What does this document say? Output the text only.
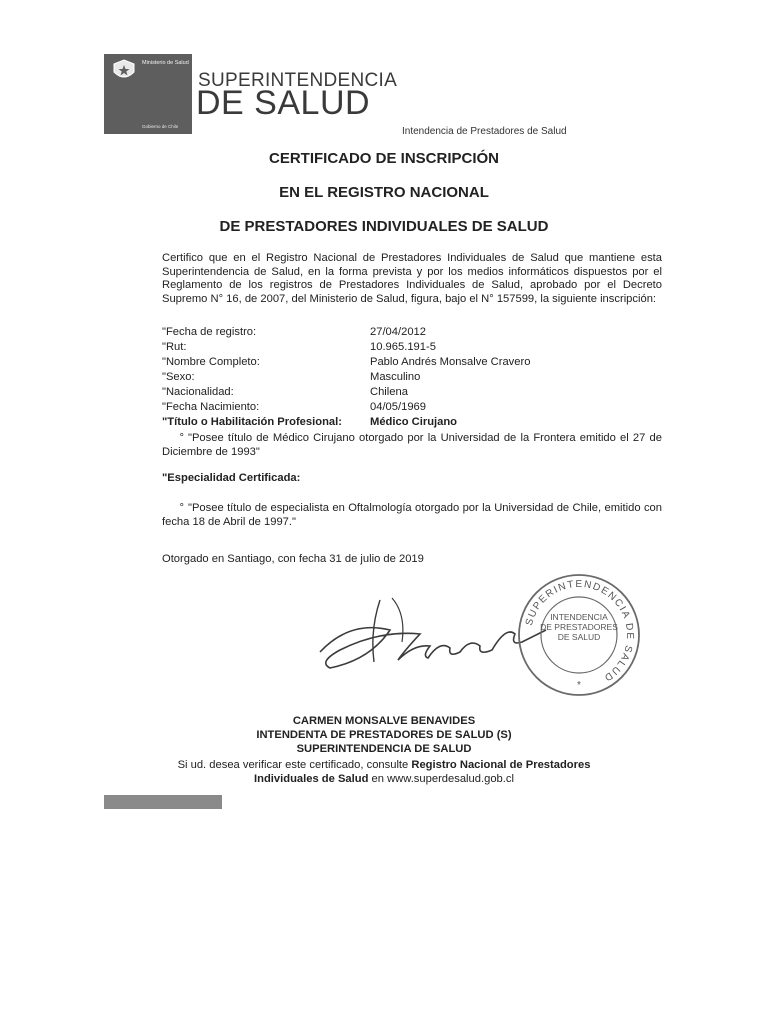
Ministerio de Salud
Gobierno de Chile
SUPERINTENDENCIA
DE SALUD
Intendencia de Prestadores de Salud
CERTIFICADO DE INSCRIPCIÓN
EN EL REGISTRO NACIONAL
DE PRESTADORES INDIVIDUALES DE SALUD
Certifico que en el Registro Nacional de Prestadores Individuales de Salud que mantiene esta Superintendencia de Salud, en la forma prevista y por los medios informáticos dispuestos por el Reglamento de los registros de Prestadores Individuales de Salud, aprobado por el Decreto Supremo N° 16, de 2007, del Ministerio de Salud, figura, bajo el N° 157599, la siguiente inscripción:
"Fecha de registro:	27/04/2012
"Rut:	10.965.191-5
"Nombre Completo:	Pablo Andrés Monsalve Cravero
"Sexo:	Masculino
"Nacionalidad:	Chilena
"Fecha Nacimiento:	04/05/1969
"Título o Habilitación Profesional:	Médico Cirujano
° "Posee título de Médico Cirujano otorgado por la Universidad de la Frontera emitido el 27 de Diciembre de 1993"
"Especialidad Certificada:
° "Posee título de especialista en Oftalmología otorgado por la Universidad de Chile, emitido con fecha 18 de Abril de 1997."
Otorgado en Santiago, con fecha 31 de julio de 2019
SUPERINTENDENCIA DE SALUD
INTENDENCIA
DE PRESTADORES
DE SALUD
*
CARMEN MONSALVE BENAVIDES
INTENDENTA DE PRESTADORES DE SALUD (S)
SUPERINTENDENCIA DE SALUD
Si ud. desea verificar este certificado, consulte Registro Nacional de Prestadores
Individuales de Salud en www.superdesalud.gob.cl
